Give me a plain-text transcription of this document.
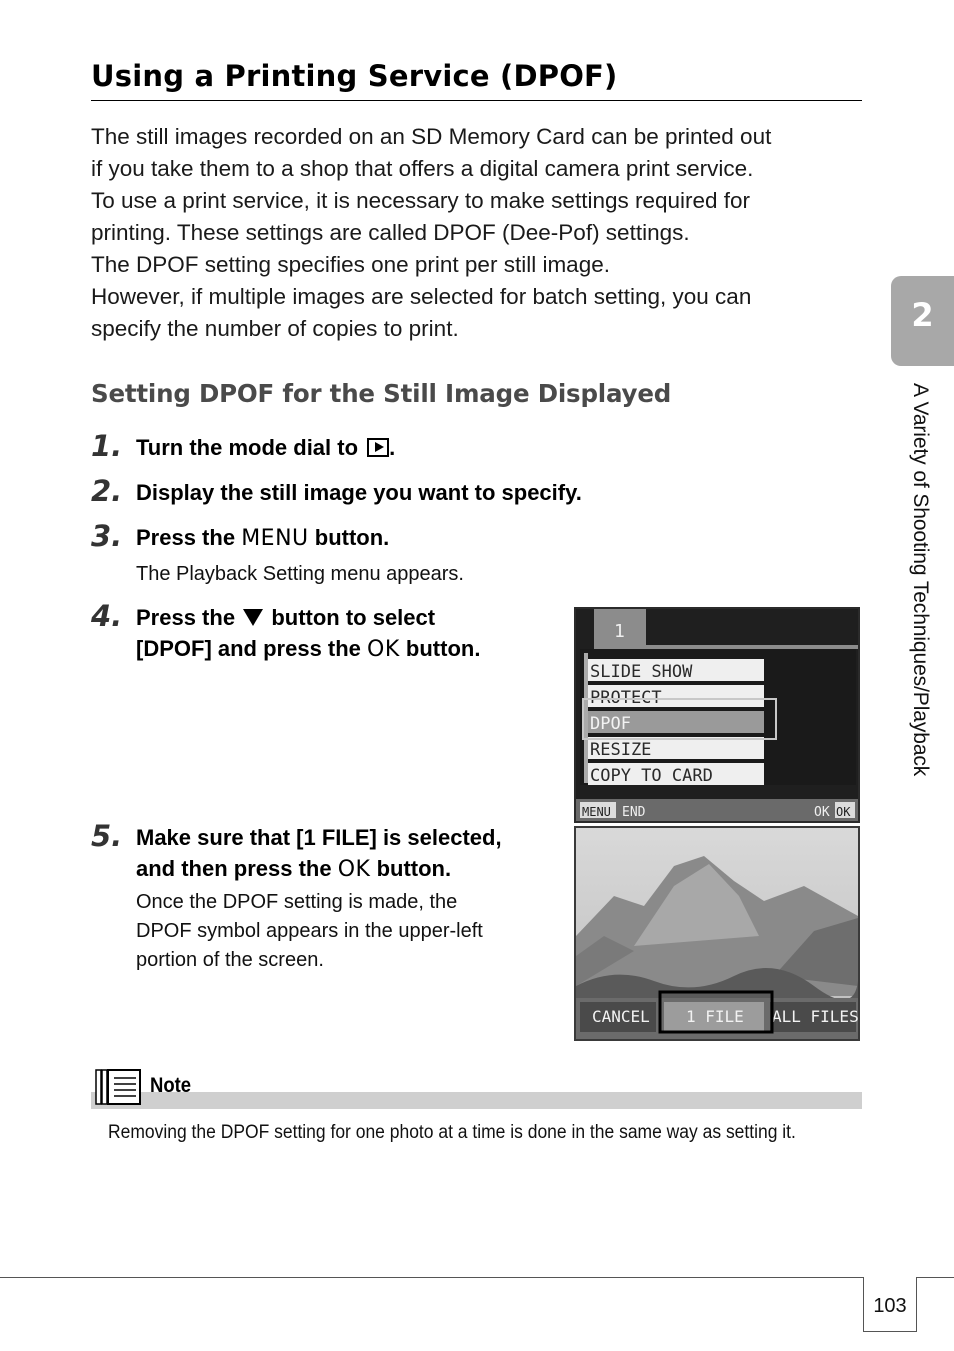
Using a Printing Service (DPOF)
The still images recorded on an SD Memory Card can be printed out
if you take them to a shop that offers a digital camera print service.
To use a print service, it is necessary to make settings required for
printing. These settings are called DPOF (Dee-Pof) settings.
The DPOF setting specifies one print per still image.
However, if multiple images are selected for batch setting, you can
specify the number of copies to print.
Setting DPOF for the Still Image Displayed
1. Turn the mode dial to .
2. Display the still image you want to specify.
3. Press the MENU button.
The Playback Setting menu appears.
4. Press the button to select
[DPOF] and press the OK button.
1
SLIDE SHOW
PROTECT
DPOF
RESIZE
COPY TO CARD
MENU END	OK OK
5. Make sure that [1 FILE] is selected,
and then press the OK button.
Once the DPOF setting is made, the
DPOF symbol appears in the upper-left
portion of the screen.
CANCEL 1 FILE ALL FILES
Note
Removing the DPOF setting for one photo at a time is done in the same way as setting it.
2
A Variety of Shooting Techniques/Playback
103
